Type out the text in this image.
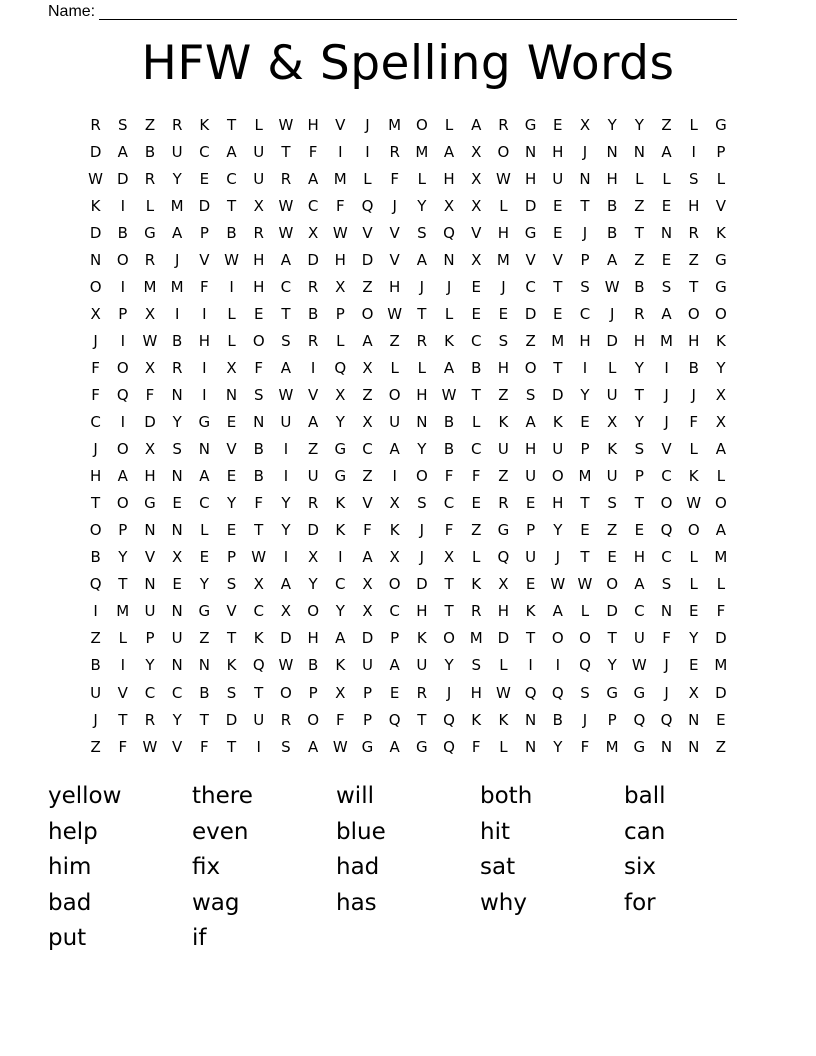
Name:
HFW & Spelling Words
R	S	Z	R	K	T	L	W H	V	J	M O	L	A	R	G	E	X	Y	Y	Z	L	G
D	A	B	U	C	A	U	T	F	I	I	R	M	A	X	O	N	H	J	N	N	A	I	P
W D	R	Y	E	C	U	R	A	M	L	F	L	H	X W H	U	N	H	L	L	S	L
K	I	L	M D	T	X W C	F	Q	J	Y	X	X	L	D	E	T	B	Z	E	H	V
D	B	G	A	P	B	R W X W V	V	S	Q	V	H	G	E	J	B	T	N	R	K
N	O	R	J	V W H	A	D	H	D	V	A	N	X	M	V	V	P	A	Z	E	Z	G
O	I	M M	F	I	H	C	R	X	Z	H	J	J	E	J	C	T	S	W B	S	T	G
X	P	X	I	I	L	E	T	B	P	O W	T	L	E	E	D	E	C	J	R	A	O	O
J	I	W B	H	L	O	S	R	L	A	Z	R	K	C	S	Z	M	H	D	H	M	H	K
F	O	X	R	I	X	F	A	I	Q	X	L	L	A	B	H	O	T	I	L	Y	I	B	Y
F	Q	F	N	I	N	S	W V	X	Z	O	H W	T	Z	S	D	Y	U	T	J	J	X
C	I	D	Y	G	E	N	U	A	Y	X	U	N	B	L	K	A	K	E	X	Y	J	F	X
J	O	X	S	N	V	B	I	Z	G	C	A	Y	B	C	U	H	U	P	K	S	V	L	A
H	A	H	N	A	E	B	I	U	G	Z	I	O	F	F	Z	U	O M	U	P	C	K	L
T	O	G	E	C	Y	F	Y	R	K	V	X	S	C	E	R	E	H	T	S	T	O W O
O	P	N	N	L	E	T	Y	D	K	F	K	J	F	Z	G	P	Y	E	Z	E	Q	O	A
B	Y	V	X	E	P	W	I	X	I	A	X	J	X	L	Q	U	J	T	E	H	C	L	M
Q	T	N	E	Y	S	X	A	Y	C	X	O	D	T	K	X	E	W W O	A	S	L	L
I	M	U	N	G	V	C	X	O	Y	X	C	H	T	R	H	K	A	L	D	C	N	E	F
Z	L	P	U	Z	T	K	D	H	A	D	P	K	O M D	T	O	O	T	U	F	Y	D
B	I	Y	N	N	K	Q W B	K	U	A	U	Y	S	L	I	I	Q	Y	W	J	E	M
U	V	C	C	B	S	T	O	P	X	P	E	R	J	H W Q	Q	S	G	G	J	X	D
J	T	R	Y	T	D	U	R	O	F	P	Q	T	Q	K	K	N	B	J	P	Q	Q	N	E
Z	F	W V	F	T	I	S	A W G	A	G	Q	F	L	N	Y	F	M G	N	N	Z
yellow	there	will	both	ball
help	even	blue	hit	can
him	fix	had	sat	six
bad	wag	has	why	for
put	if
